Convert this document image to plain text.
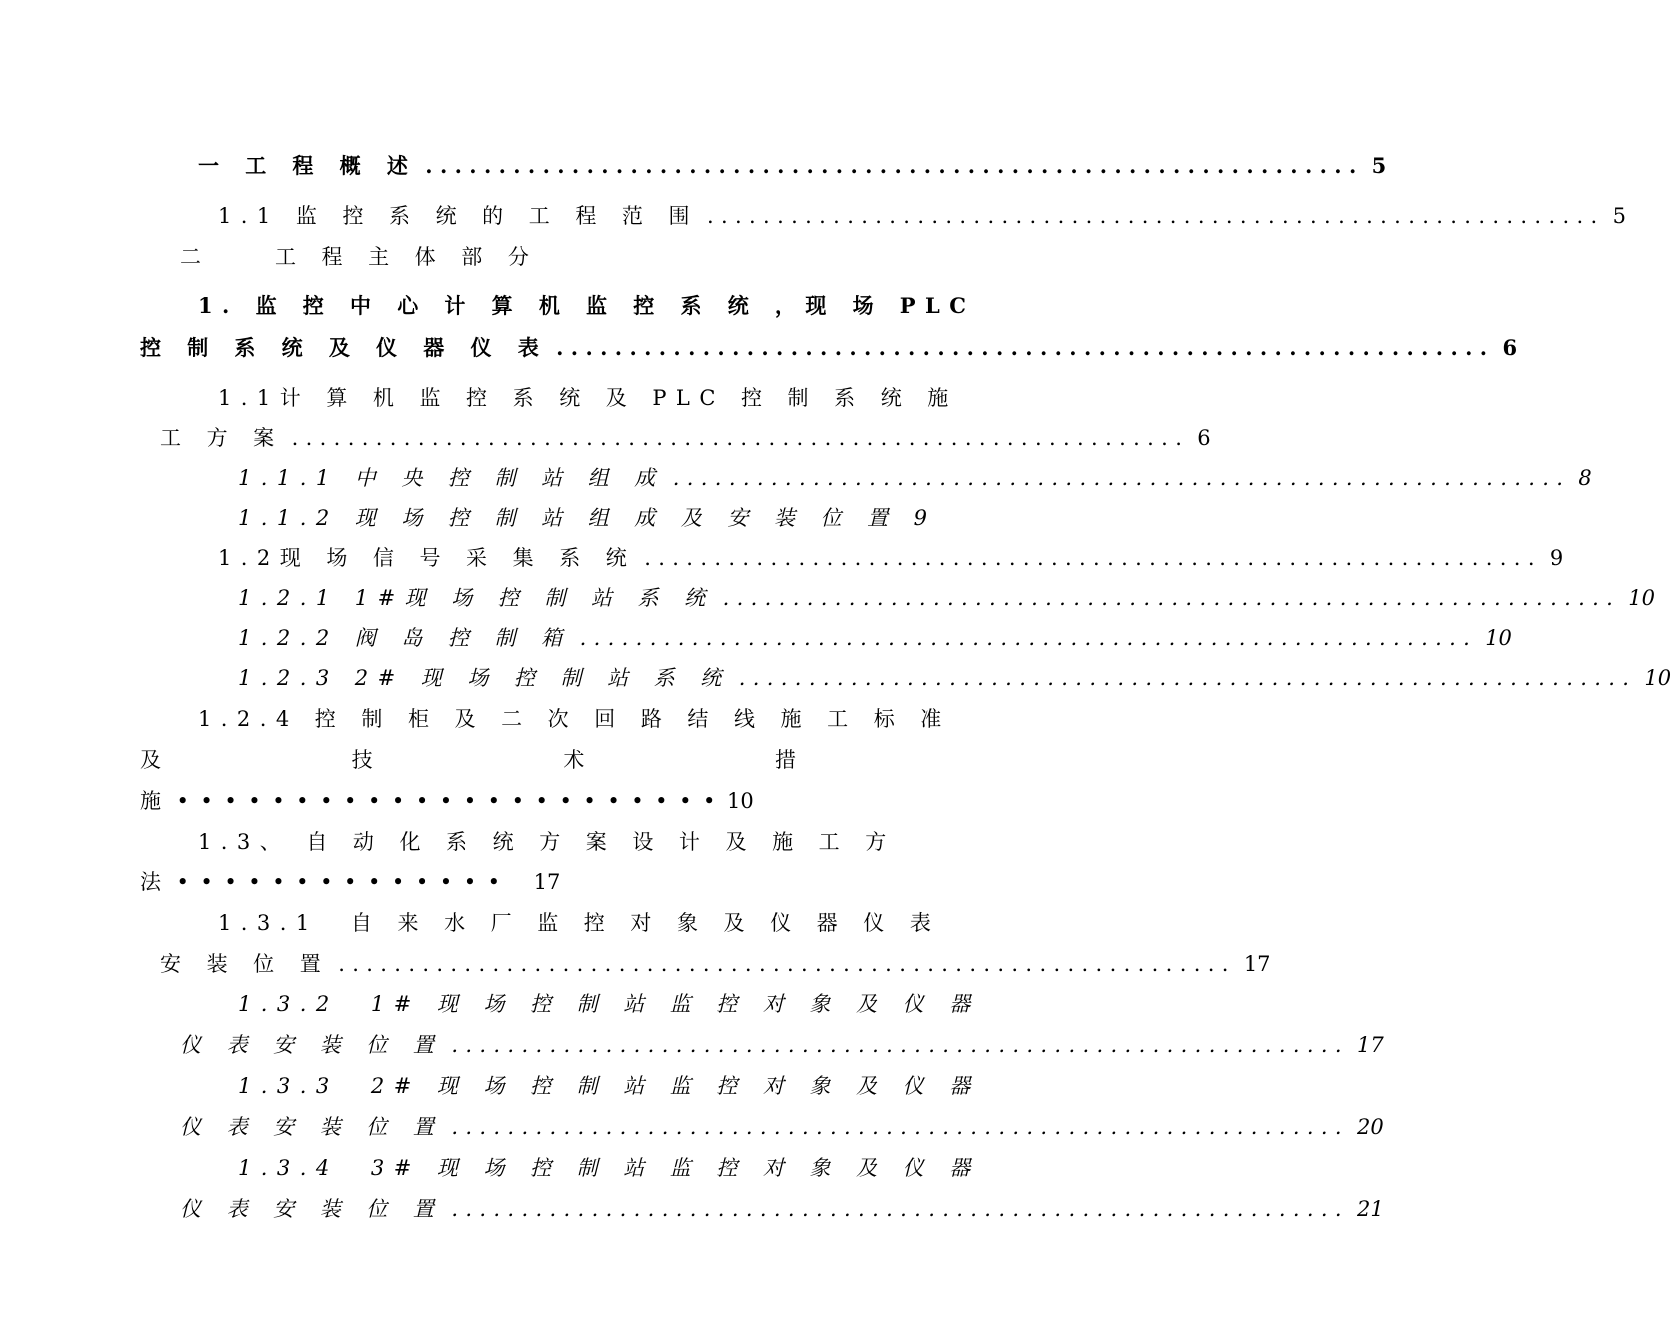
一 工 程 概 述 ................................................................ 5
1.1 监 控 系 统 的 工 程 范 围 ................................................................ 5
二    工 程 主 体 部 分
1. 监 控 中 心 计 算 机 监 控 系 统 ，现 场 PLC
控 制 系 统 及 仪 器 仪 表 ................................................................ 6
1.1计 算 机 监 控 系 统 及 PLC 控 制 系 统 施
工 方 案 ................................................................ 6
1.1.1 中 央 控 制 站 组 成 ................................................................ 8
1.1.2 现 场 控 制 站 组 成 及 安 装 位 置 9
1.2现 场 信 号 采 集 系 统 ................................................................ 9
1.2.1 1#现 场 控 制 站 系 统 ................................................................ 10
1.2.2 阀 岛 控 制 箱 ................................................................ 10
1.2.3 2# 现 场 控 制 站 系 统 ................................................................ 10
1.2.4 控 制 柜 及 二 次 回 路 结 线 施 工 标 准
及	技	术	措
施 ••••••••••••••••••••••• 10
1.3、 自 动 化 系 统 方 案 设 计 及 施 工 方
法 •••••••••••••• 17
1.3.1  自 来 水 厂 监 控 对 象 及 仪 器 仪 表
安 装 位 置 ................................................................ 17
1.3.2  1# 现 场 控 制 站 监 控 对 象 及 仪 器
仪 表 安 装 位 置 ................................................................ 17
1.3.3  2# 现 场 控 制 站 监 控 对 象 及 仪 器
仪 表 安 装 位 置 ................................................................ 20
1.3.4  3# 现 场 控 制 站 监 控 对 象 及 仪 器
仪 表 安 装 位 置 ................................................................ 21
